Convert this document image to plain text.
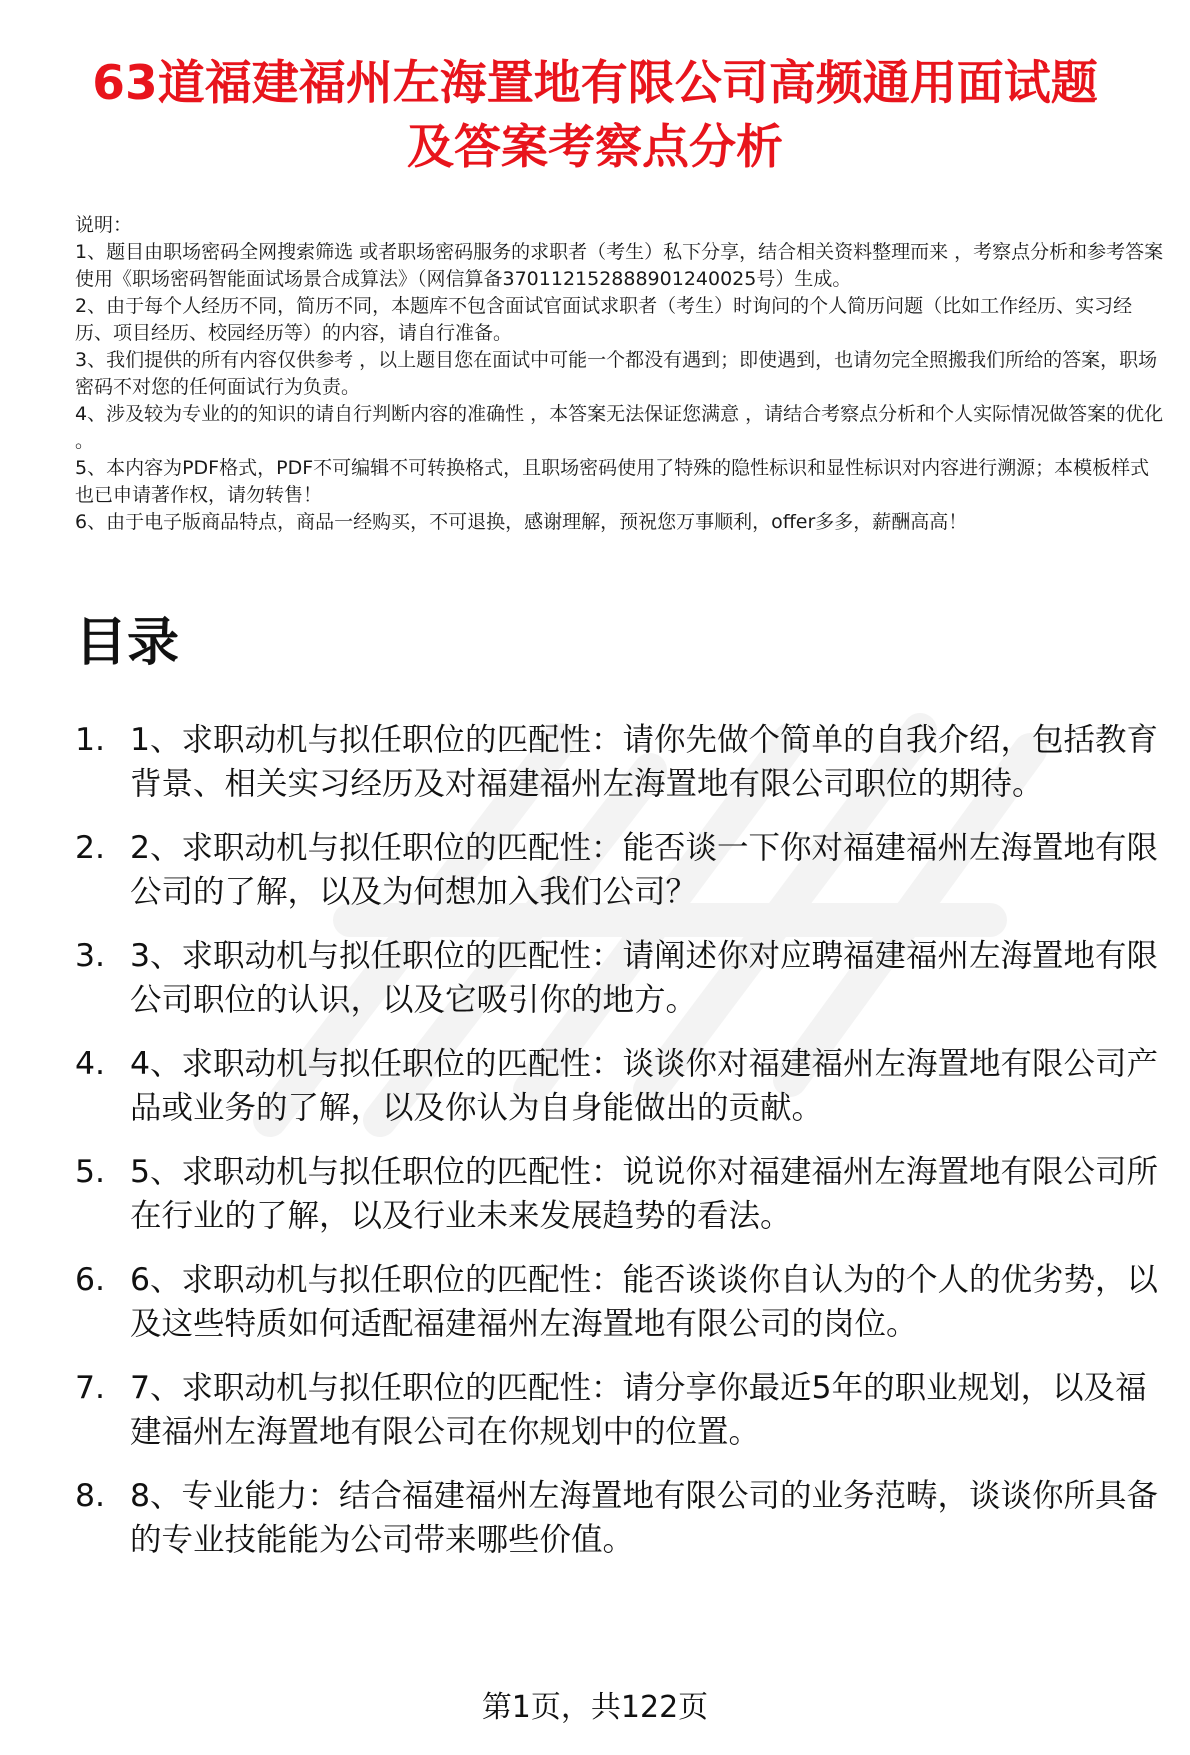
63道福建福州左海置地有限公司高频通用面试题及答案考察点分析

说明：

1、题目由职场密码全网搜索筛选 或者职场密码服务的求职者（考生）私下分享，结合相关资料整理而来 ，考察点分析和参考答案使用《职场密码智能面试场景合成算法》（网信算备370112152888901240025号）生成。

2、由于每个人经历不同，简历不同，本题库不包含面试官面试求职者（考生）时询问的个人简历问题（比如工作经历、实习经历、项目经历、校园经历等）的内容，请自行准备。

3、我们提供的所有内容仅供参考 ，以上题目您在面试中可能一个都没有遇到；即使遇到，也请勿完全照搬我们所给的答案，职场密码不对您的任何面试行为负责。

4、涉及较为专业的的知识的请自行判断内容的准确性 ，本答案无法保证您满意 ，请结合考察点分析和个人实际情况做答案的优化 。

5、本内容为PDF格式，PDF不可编辑不可转换格式，且职场密码使用了特殊的隐性标识和显性标识对内容进行溯源；本模板样式也已申请著作权，请勿转售！

6、由于电子版商品特点，商品一经购买，不可退换，感谢理解，预祝您万事顺利，offer多多，薪酬高高！

目录
1. 1、求职动机与拟任职位的匹配性：请你先做个简单的自我介绍，包括教育背景、相关实习经历及对福建福州左海置地有限公司职位的期待。
2. 2、求职动机与拟任职位的匹配性：能否谈一下你对福建福州左海置地有限公司的了解，以及为何想加入我们公司？
3. 3、求职动机与拟任职位的匹配性：请阐述你对应聘福建福州左海置地有限公司职位的认识，以及它吸引你的地方。
4. 4、求职动机与拟任职位的匹配性：谈谈你对福建福州左海置地有限公司产品或业务的了解，以及你认为自身能做出的贡献。
5. 5、求职动机与拟任职位的匹配性：说说你对福建福州左海置地有限公司所在行业的了解，以及行业未来发展趋势的看法。
6. 6、求职动机与拟任职位的匹配性：能否谈谈你自认为的个人的优劣势，以及这些特质如何适配福建福州左海置地有限公司的岗位。
7. 7、求职动机与拟任职位的匹配性：请分享你最近5年的职业规划，以及福建福州左海置地有限公司在你规划中的位置。
8. 8、专业能力：结合福建福州左海置地有限公司的业务范畴，谈谈你所具备的专业技能能为公司带来哪些价值。
第1页，共122页
